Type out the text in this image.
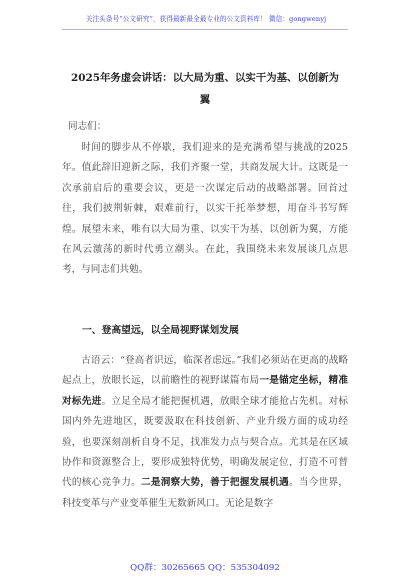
关注头条号“公文研究”，获得最新最全最专业的公文资料库！ 微信：gongwenyj
2025年务虚会讲话：以大局为重、以实干为基、以创新为翼
同志们：

时间的脚步从不停歇，我们迎来的是充满希望与挑战的2025年。值此辞旧迎新之际，我们齐聚一堂，共商发展大计。这既是一次承前启后的重要会议，更是一次谋定后动的战略部署。回首过往，我们披荆斩棘，艰难前行，以实干托举梦想，用奋斗书写辉煌。展望未来，唯有以大局为重、以实干为基、以创新为翼，方能在风云激荡的新时代勇立潮头。在此，我围绕未来发展谈几点思考，与同志们共勉。

一、登高望远，以全局视野谋划发展

古语云：“登高者识远，临深者虑远。”我们必须站在更高的战略起点上，放眼长远，以前瞻性的视野谋篇布局一是锚定坐标，精准对标先进。立足全局才能把握机遇，放眼全球才能抢占先机。对标国内外先进地区，既要汲取在科技创新、产业升级方面的成功经验，也要深刻剖析自身不足，找准发力点与契合点。尤其是在区域协作和资源整合上，要形成独特优势，明确发展定位，打造不可替代的核心竞争力。二是洞察大势，善于把握发展机遇。当今世界，科技变革与产业变革催生无数新风口。无论是数字

QQ群：30265665 QQ：535304092
